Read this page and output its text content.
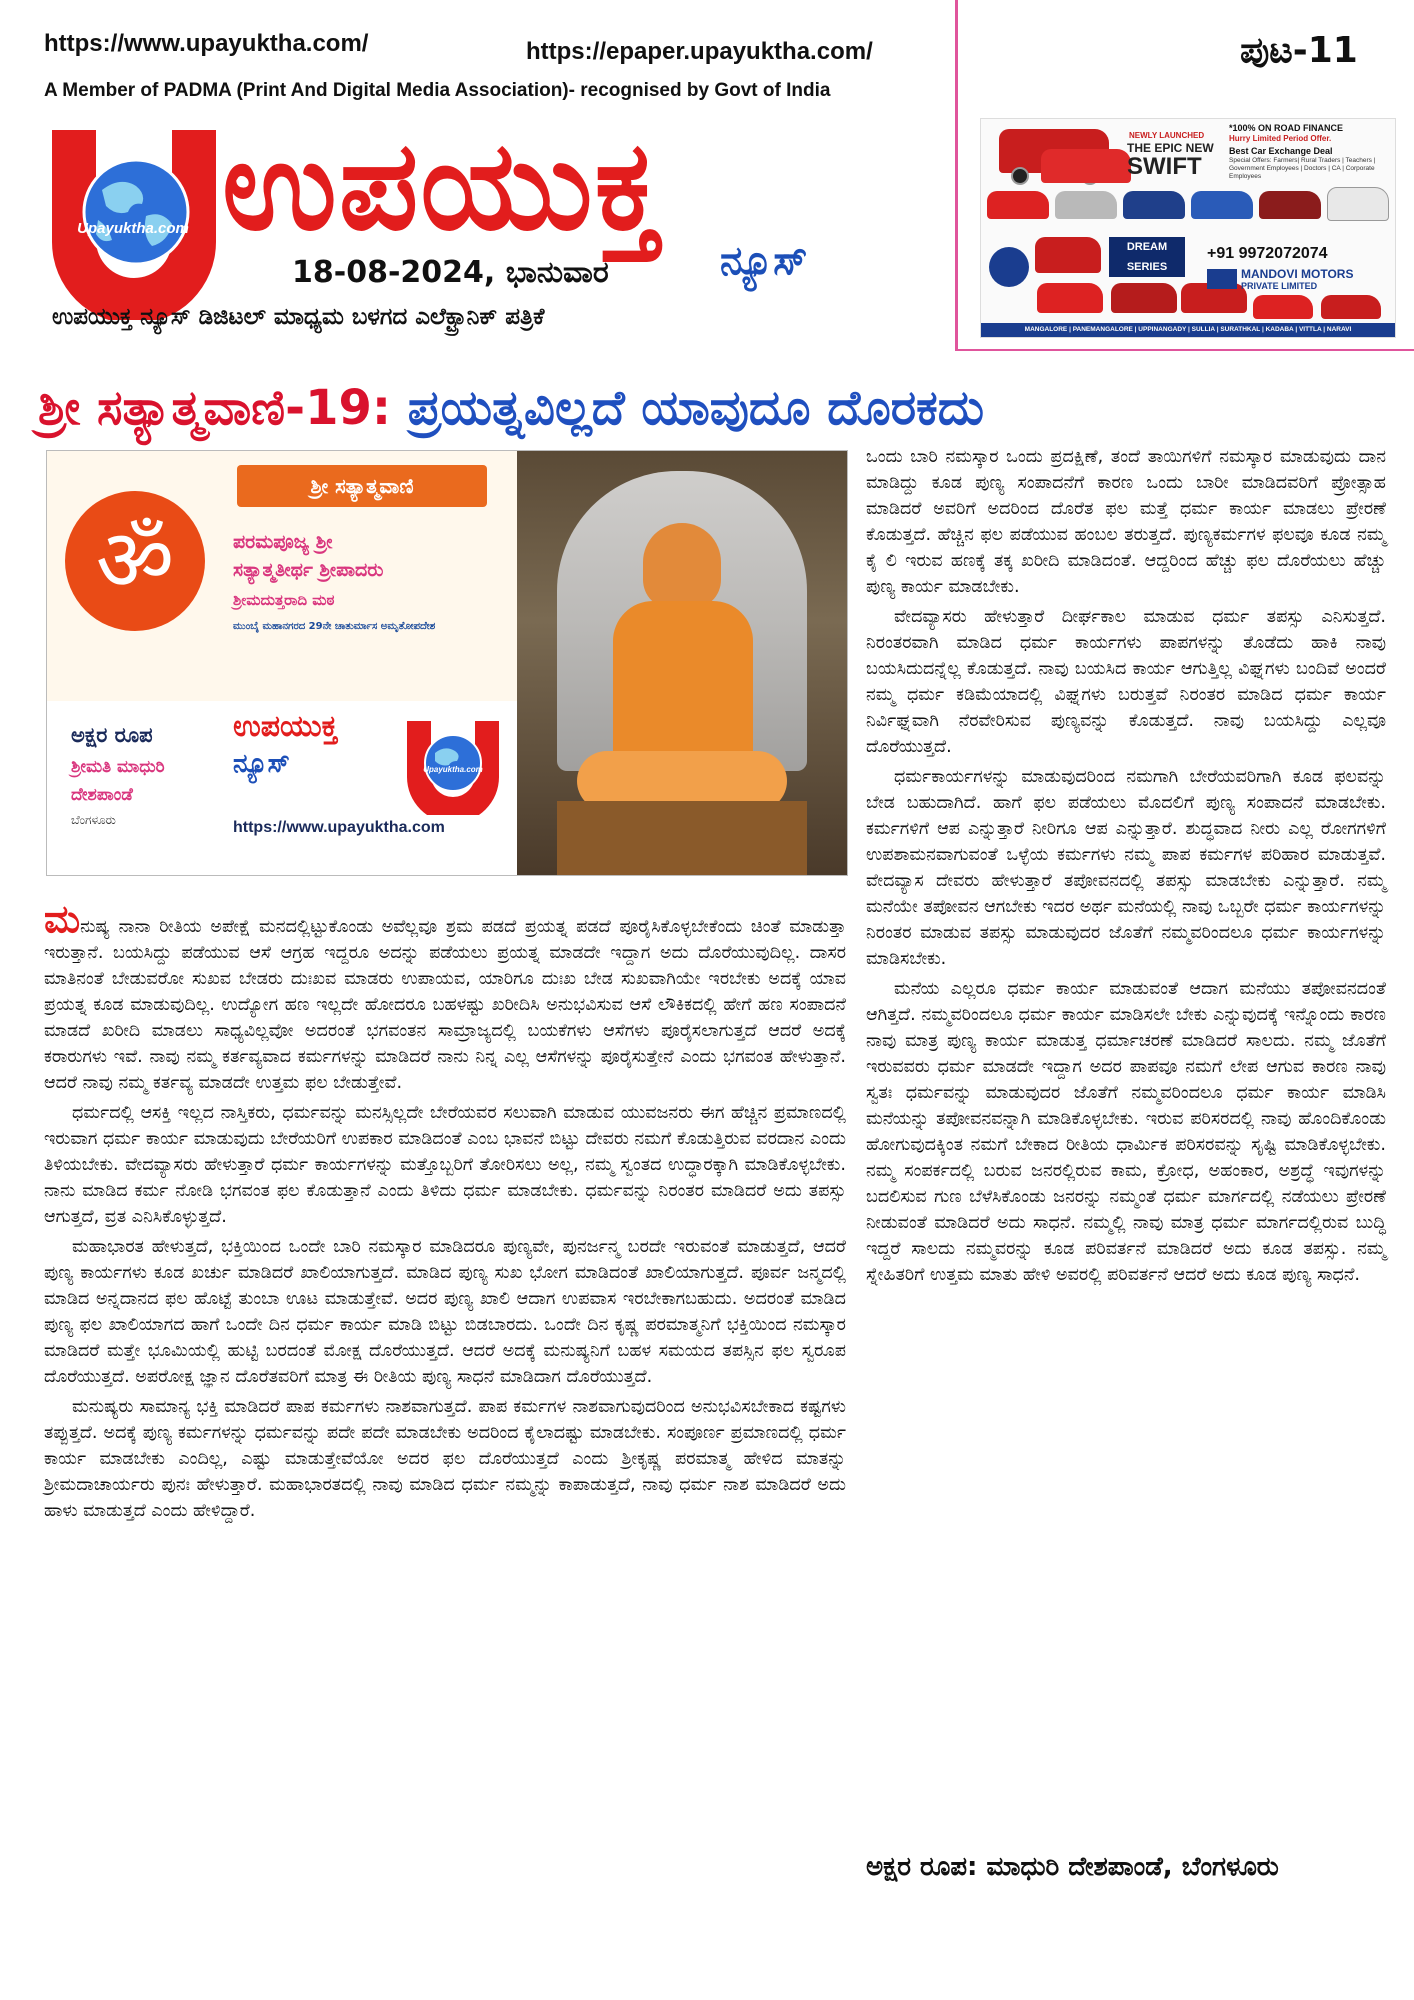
https://www.upayuktha.com/	https://epaper.upayuktha.com/
A Member of PADMA (Print And Digital Media Association)- recognised by Govt of India
ಪುಟ-11
Upayuktha.com ಉಪಯುಕ್ತ
18-08-2024, ಭಾನುವಾರ	ನ್ಯೂಸ್
ಉಪಯುಕ್ತ ನ್ಯೂಸ್ ಡಿಜಿಟಲ್ ಮಾಧ್ಯಮ ಬಳಗದ ಎಲೆಕ್ಟ್ರಾನಿಕ್ ಪತ್ರಿಕೆ
NEWLY LAUNCHED
THE EPIC NEW
SWIFT
*100% ON ROAD FINANCE
Hurry Limited Period Offer.
Best Car Exchange Deal
Special Offers: Farmers| Rural Traders | Teachers | Government Employees | Doctors | CA | Corporate Employees
DREAM SERIES
+91 9972072074
MANDOVI MOTORS
PRIVATE LIMITED
MANGALORE | PANEMANGALORE | UPPINANGADY | SULLIA | SURATHKAL | KADABA | VITTLA | NARAVI
ಶ್ರೀ ಸತ್ಯಾತ್ಮವಾಣಿ-19: ಪ್ರಯತ್ನವಿಲ್ಲದೆ ಯಾವುದೂ ದೊರಕದು
ॐ
ಶ್ರೀ ಸತ್ಯಾತ್ಮವಾಣಿ
ಪರಮಪೂಜ್ಯ ಶ್ರೀ
ಸತ್ಯಾತ್ಮತೀರ್ಥ ಶ್ರೀಪಾದರು
ಶ್ರೀಮದುತ್ತರಾದಿ ಮಠ
ಮುಂಬೈ ಮಹಾನಗರದ 29ನೇ ಚಾತುರ್ಮಾಸ ಅಮೃತೋಪದೇಶ
ಅಕ್ಷರ ರೂಪ
ಶ್ರೀಮತಿ ಮಾಧುರಿ
ದೇಶಪಾಂಡೆ
ಬೆಂಗಳೂರು
ಉಪಯುಕ್ತ
ನ್ಯೂಸ್	Upayuktha.com
https://www.upayuktha.com

ಮನುಷ್ಯ ನಾನಾ ರೀತಿಯ ಅಪೇಕ್ಷೆ ಮನದಲ್ಲಿಟ್ಟುಕೊಂಡು ಅವೆಲ್ಲವೂ ಶ್ರಮ ಪಡದೆ ಪ್ರಯತ್ನ ಪಡದೆ ಪೂರೈಸಿಕೊಳ್ಳಬೇಕೆಂದು ಚಿಂತೆ ಮಾಡುತ್ತಾ ಇರುತ್ತಾನೆ. ಬಯಸಿದ್ದು ಪಡೆಯುವ ಆಸೆ ಆಗ್ರಹ ಇದ್ದರೂ ಅದನ್ನು ಪಡೆಯಲು ಪ್ರಯತ್ನ ಮಾಡದೇ ಇದ್ದಾಗ ಅದು ದೊರೆಯುವುದಿಲ್ಲ. ದಾಸರ ಮಾತಿನಂತೆ ಬೇಡುವರೋ ಸುಖವ ಬೇಡರು ದುಃಖವ ಮಾಡರು ಉಪಾಯವ, ಯಾರಿಗೂ ದುಃಖ ಬೇಡ ಸುಖವಾಗಿಯೇ ಇರಬೇಕು ಅದಕ್ಕೆ ಯಾವ ಪ್ರಯತ್ನ ಕೂಡ ಮಾಡುವುದಿಲ್ಲ. ಉದ್ಯೋಗ ಹಣ ಇಲ್ಲದೇ ಹೋದರೂ ಬಹಳಷ್ಟು ಖರೀದಿಸಿ ಅನುಭವಿಸುವ ಆಸೆ ಲೌಕಿಕದಲ್ಲಿ ಹೇಗೆ ಹಣ ಸಂಪಾದನೆ ಮಾಡದೆ ಖರೀದಿ ಮಾಡಲು ಸಾಧ್ಯವಿಲ್ಲವೋ ಅದರಂತೆ ಭಗವಂತನ ಸಾಮ್ರಾಜ್ಯದಲ್ಲಿ ಬಯಕೆಗಳು ಆಸೆಗಳು ಪೂರೈಸಲಾಗುತ್ತದೆ ಆದರೆ ಅದಕ್ಕೆ ಕರಾರುಗಳು ಇವೆ. ನಾವು ನಮ್ಮ ಕರ್ತವ್ಯವಾದ ಕರ್ಮಗಳನ್ನು ಮಾಡಿದರೆ ನಾನು ನಿನ್ನ ಎಲ್ಲ ಆಸೆಗಳನ್ನು ಪೂರೈಸುತ್ತೇನೆ ಎಂದು ಭಗವಂತ ಹೇಳುತ್ತಾನೆ. ಆದರೆ ನಾವು ನಮ್ಮ ಕರ್ತವ್ಯ ಮಾಡದೇ ಉತ್ತಮ ಫಲ ಬೇಡುತ್ತೇವೆ.

ಧರ್ಮದಲ್ಲಿ ಆಸಕ್ತಿ ಇಲ್ಲದ ನಾಸ್ತಿಕರು, ಧರ್ಮವನ್ನು ಮನಸ್ಸಿಲ್ಲದೇ ಬೇರೆಯವರ ಸಲುವಾಗಿ ಮಾಡುವ ಯುವಜನರು ಈಗ ಹೆಚ್ಚಿನ ಪ್ರಮಾಣದಲ್ಲಿ ಇರುವಾಗ ಧರ್ಮ ಕಾರ್ಯ ಮಾಡುವುದು ಬೇರೆಯರಿಗೆ ಉಪಕಾರ ಮಾಡಿದಂತೆ ಎಂಬ ಭಾವನೆ ಬಿಟ್ಟು ದೇವರು ನಮಗೆ ಕೊಡುತ್ತಿರುವ ವರದಾನ ಎಂದು ತಿಳಿಯಬೇಕು. ವೇದವ್ಯಾಸರು ಹೇಳುತ್ತಾರೆ ಧರ್ಮ ಕಾರ್ಯಗಳನ್ನು ಮತ್ತೊಬ್ಬರಿಗೆ ತೋರಿಸಲು ಅಲ್ಲ, ನಮ್ಮ ಸ್ವಂತದ ಉದ್ಧಾರಕ್ಕಾಗಿ ಮಾಡಿಕೊಳ್ಳಬೇಕು. ನಾನು ಮಾಡಿದ ಕರ್ಮ ನೋಡಿ ಭಗವಂತ ಫಲ ಕೊಡುತ್ತಾನೆ ಎಂದು ತಿಳಿದು ಧರ್ಮ ಮಾಡಬೇಕು. ಧರ್ಮವನ್ನು ನಿರಂತರ ಮಾಡಿದರೆ ಅದು ತಪಸ್ಸು ಆಗುತ್ತದೆ, ವ್ರತ ಎನಿಸಿಕೊಳ್ಳುತ್ತದೆ.

ಮಹಾಭಾರತ ಹೇಳುತ್ತದೆ, ಭಕ್ತಿಯಿಂದ ಒಂದೇ ಬಾರಿ ನಮಸ್ಕಾರ ಮಾಡಿದರೂ ಪುಣ್ಯವೇ, ಪುನರ್ಜನ್ಮ ಬರದೇ ಇರುವಂತೆ ಮಾಡುತ್ತದೆ, ಆದರೆ ಪುಣ್ಯ ಕಾರ್ಯಗಳು ಕೂಡ ಖರ್ಚು ಮಾಡಿದರೆ ಖಾಲಿಯಾಗುತ್ತದೆ. ಮಾಡಿದ ಪುಣ್ಯ ಸುಖ ಭೋಗ ಮಾಡಿದಂತೆ ಖಾಲಿಯಾಗುತ್ತದೆ. ಪೂರ್ವ ಜನ್ಮದಲ್ಲಿ ಮಾಡಿದ ಅನ್ನದಾನದ ಫಲ ಹೊಟ್ಟೆ ತುಂಬಾ ಊಟ ಮಾಡುತ್ತೇವೆ. ಅದರ ಪುಣ್ಯ ಖಾಲಿ ಆದಾಗ ಉಪವಾಸ ಇರಬೇಕಾಗಬಹುದು. ಅದರಂತೆ ಮಾಡಿದ ಪುಣ್ಯ ಫಲ ಖಾಲಿಯಾಗದ ಹಾಗೆ ಒಂದೇ ದಿನ ಧರ್ಮ ಕಾರ್ಯ ಮಾಡಿ ಬಿಟ್ಟು ಬಿಡಬಾರದು. ಒಂದೇ ದಿನ ಕೃಷ್ಣ ಪರಮಾತ್ಮನಿಗೆ ಭಕ್ತಿಯಿಂದ ನಮಸ್ಕಾರ ಮಾಡಿದರೆ ಮತ್ತೇ ಭೂಮಿಯಲ್ಲಿ ಹುಟ್ಟಿ ಬರದಂತೆ ಮೋಕ್ಷ ದೊರೆಯುತ್ತದೆ. ಆದರೆ ಅದಕ್ಕೆ ಮನುಷ್ಯನಿಗೆ ಬಹಳ ಸಮಯದ ತಪಸ್ಸಿನ ಫಲ ಸ್ವರೂಪ ದೊರೆಯುತ್ತದೆ. ಅಪರೋಕ್ಷ ಜ್ಞಾನ ದೊರೆತವರಿಗೆ ಮಾತ್ರ ಈ ರೀತಿಯ ಪುಣ್ಯ ಸಾಧನೆ ಮಾಡಿದಾಗ ದೊರೆಯುತ್ತದೆ.

ಮನುಷ್ಯರು ಸಾಮಾನ್ಯ ಭಕ್ತಿ ಮಾಡಿದರೆ ಪಾಪ ಕರ್ಮಗಳು ನಾಶವಾಗುತ್ತದೆ. ಪಾಪ ಕರ್ಮಗಳ ನಾಶವಾಗುವುದರಿಂದ ಅನುಭವಿಸಬೇಕಾದ ಕಷ್ಟಗಳು ತಪ್ಪುತ್ತದೆ. ಅದಕ್ಕೆ ಪುಣ್ಯ ಕರ್ಮಗಳನ್ನು ಧರ್ಮವನ್ನು ಪದೇ ಪದೇ ಮಾಡಬೇಕು ಅದರಿಂದ ಕೈಲಾದಷ್ಟು ಮಾಡಬೇಕು. ಸಂಪೂರ್ಣ ಪ್ರಮಾಣದಲ್ಲಿ ಧರ್ಮ ಕಾರ್ಯ ಮಾಡಬೇಕು ಎಂದಿಲ್ಲ, ಎಷ್ಟು ಮಾಡುತ್ತೇವೆಯೋ ಅದರ ಫಲ ದೊರೆಯುತ್ತದೆ ಎಂದು ಶ್ರೀಕೃಷ್ಣ ಪರಮಾತ್ಮ ಹೇಳಿದ ಮಾತನ್ನು ಶ್ರೀಮದಾಚಾರ್ಯರು ಪುನಃ ಹೇಳುತ್ತಾರೆ. ಮಹಾಭಾರತದಲ್ಲಿ ನಾವು ಮಾಡಿದ ಧರ್ಮ ನಮ್ಮನ್ನು ಕಾಪಾಡುತ್ತದೆ, ನಾವು ಧರ್ಮ ನಾಶ ಮಾಡಿದರೆ ಅದು ಹಾಳು ಮಾಡುತ್ತದೆ ಎಂದು ಹೇಳಿದ್ದಾರೆ.

ಒಂದು ಬಾರಿ ನಮಸ್ಕಾರ ಒಂದು ಪ್ರದಕ್ಷಿಣೆ, ತಂದೆ ತಾಯಿಗಳಿಗೆ ನಮಸ್ಕಾರ ಮಾಡುವುದು ದಾನ ಮಾಡಿದ್ದು ಕೂಡ ಪುಣ್ಯ ಸಂಪಾದನೆಗೆ ಕಾರಣ ಒಂದು ಬಾರೀ ಮಾಡಿದವರಿಗೆ ಪ್ರೋತ್ಸಾಹ ಮಾಡಿದರೆ ಅವರಿಗೆ ಅದರಿಂದ ದೊರೆತ ಫಲ ಮತ್ತೆ ಧರ್ಮ ಕಾರ್ಯ ಮಾಡಲು ಪ್ರೇರಣೆ ಕೊಡುತ್ತದೆ. ಹೆಚ್ಚಿನ ಫಲ ಪಡೆಯುವ ಹಂಬಲ ತರುತ್ತದೆ. ಪುಣ್ಯಕರ್ಮಗಳ ಫಲವೂ ಕೂಡ ನಮ್ಮ ಕೈ ಲಿ ಇರುವ ಹಣಕ್ಕೆ ತಕ್ಕ ಖರೀದಿ ಮಾಡಿದಂತೆ. ಆದ್ದರಿಂದ ಹೆಚ್ಚು ಫಲ ದೊರೆಯಲು ಹೆಚ್ಚು ಪುಣ್ಯ ಕಾರ್ಯ ಮಾಡಬೇಕು.

ವೇದವ್ಯಾಸರು ಹೇಳುತ್ತಾರೆ ದೀರ್ಘಕಾಲ ಮಾಡುವ ಧರ್ಮ ತಪಸ್ಸು ಎನಿಸುತ್ತದೆ. ನಿರಂತರವಾಗಿ ಮಾಡಿದ ಧರ್ಮ ಕಾರ್ಯಗಳು ಪಾಪಗಳನ್ನು ತೊಡೆದು ಹಾಕಿ ನಾವು ಬಯಸಿದುದನ್ನೆಲ್ಲ ಕೊಡುತ್ತದೆ. ನಾವು ಬಯಸಿದ ಕಾರ್ಯ ಆಗುತ್ತಿಲ್ಲ ವಿಘ್ನಗಳು ಬಂದಿವೆ ಅಂದರೆ ನಮ್ಮ ಧರ್ಮ ಕಡಿಮೆಯಾದಲ್ಲಿ ವಿಘ್ನಗಳು ಬರುತ್ತವೆ ನಿರಂತರ ಮಾಡಿದ ಧರ್ಮ ಕಾರ್ಯ ನಿರ್ವಿಘ್ನವಾಗಿ ನೆರವೇರಿಸುವ ಪುಣ್ಯವನ್ನು ಕೊಡುತ್ತದೆ. ನಾವು ಬಯಸಿದ್ದು ಎಲ್ಲವೂ ದೊರೆಯುತ್ತದೆ.

ಧರ್ಮಕಾರ್ಯಗಳನ್ನು ಮಾಡುವುದರಿಂದ ನಮಗಾಗಿ ಬೇರೆಯವರಿಗಾಗಿ ಕೂಡ ಫಲವನ್ನು ಬೇಡ ಬಹುದಾಗಿದೆ. ಹಾಗೆ ಫಲ ಪಡೆಯಲು ಮೊದಲಿಗೆ ಪುಣ್ಯ ಸಂಪಾದನೆ ಮಾಡಬೇಕು. ಕರ್ಮಗಳಿಗೆ ಆಪ ಎನ್ನುತ್ತಾರೆ ನೀರಿಗೂ ಆಪ ಎನ್ನುತ್ತಾರೆ. ಶುದ್ಧವಾದ ನೀರು ಎಲ್ಲ ರೋಗಗಳಿಗೆ ಉಪಶಾಮನವಾಗುವಂತೆ ಒಳ್ಳೆಯ ಕರ್ಮಗಳು ನಮ್ಮ ಪಾಪ ಕರ್ಮಗಳ ಪರಿಹಾರ ಮಾಡುತ್ತವೆ. ವೇದವ್ಯಾಸ ದೇವರು ಹೇಳುತ್ತಾರೆ ತಪೋವನದಲ್ಲಿ ತಪಸ್ಸು ಮಾಡಬೇಕು ಎನ್ನುತ್ತಾರೆ. ನಮ್ಮ ಮನೆಯೇ ತಪೋವನ ಆಗಬೇಕು ಇದರ ಅರ್ಥ ಮನೆಯಲ್ಲಿ ನಾವು ಒಬ್ಬರೇ ಧರ್ಮ ಕಾರ್ಯಗಳನ್ನು ನಿರಂತರ ಮಾಡುವ ತಪಸ್ಸು ಮಾಡುವುದರ ಜೊತೆಗೆ ನಮ್ಮವರಿಂದಲೂ ಧರ್ಮ ಕಾರ್ಯಗಳನ್ನು ಮಾಡಿಸಬೇಕು.

ಮನೆಯ ಎಲ್ಲರೂ ಧರ್ಮ ಕಾರ್ಯ ಮಾಡುವಂತೆ ಆದಾಗ ಮನೆಯು ತಪೋವನದಂತೆ ಆಗಿತ್ತದೆ. ನಮ್ಮವರಿಂದಲೂ ಧರ್ಮ ಕಾರ್ಯ ಮಾಡಿಸಲೇ ಬೇಕು ಎನ್ನುವುದಕ್ಕೆ ಇನ್ನೊಂದು ಕಾರಣ ನಾವು ಮಾತ್ರ ಪುಣ್ಯ ಕಾರ್ಯ ಮಾಡುತ್ತ ಧರ್ಮಾಚರಣೆ ಮಾಡಿದರೆ ಸಾಲದು. ನಮ್ಮ ಜೊತೆಗೆ ಇರುವವರು ಧರ್ಮ ಮಾಡದೇ ಇದ್ದಾಗ ಅದರ ಪಾಪವೂ ನಮಗೆ ಲೇಪ ಆಗುವ ಕಾರಣ ನಾವು ಸ್ವತಃ ಧರ್ಮವನ್ನು ಮಾಡುವುದರ ಜೊತೆಗೆ ನಮ್ಮವರಿಂದಲೂ ಧರ್ಮ ಕಾರ್ಯ ಮಾಡಿಸಿ ಮನೆಯನ್ನು ತಪೋವನವನ್ನಾಗಿ ಮಾಡಿಕೊಳ್ಳಬೇಕು. ಇರುವ ಪರಿಸರದಲ್ಲಿ ನಾವು ಹೊಂದಿಕೊಂಡು ಹೋಗುವುದಕ್ಕಿಂತ ನಮಗೆ ಬೇಕಾದ ರೀತಿಯ ಧಾರ್ಮಿಕ ಪರಿಸರವನ್ನು ಸೃಷ್ಟಿ ಮಾಡಿಕೊಳ್ಳಬೇಕು. ನಮ್ಮ ಸಂಪರ್ಕದಲ್ಲಿ ಬರುವ ಜನರಲ್ಲಿರುವ ಕಾಮ, ಕ್ರೋಧ, ಅಹಂಕಾರ, ಅಶ್ರದ್ಧೆ ಇವುಗಳನ್ನು ಬದಲಿಸುವ ಗುಣ ಬೆಳೆಸಿಕೊಂಡು ಜನರನ್ನು ನಮ್ಮಂತೆ ಧರ್ಮ ಮಾರ್ಗದಲ್ಲಿ ನಡೆಯಲು ಪ್ರೇರಣೆ ನೀಡುವಂತೆ ಮಾಡಿದರೆ ಅದು ಸಾಧನೆ. ನಮ್ಮಲ್ಲಿ ನಾವು ಮಾತ್ರ ಧರ್ಮ ಮಾರ್ಗದಲ್ಲಿರುವ ಬುದ್ಧಿ ಇದ್ದರೆ ಸಾಲದು ನಮ್ಮವರನ್ನು ಕೂಡ ಪರಿವರ್ತನೆ ಮಾಡಿದರೆ ಅದು ಕೂಡ ತಪಸ್ಸು. ನಮ್ಮ ಸ್ನೇಹಿತರಿಗೆ ಉತ್ತಮ ಮಾತು ಹೇಳಿ ಅವರಲ್ಲಿ ಪರಿವರ್ತನೆ ಆದರೆ ಅದು ಕೂಡ ಪುಣ್ಯ ಸಾಧನೆ.

ಅಕ್ಷರ ರೂಪ: ಮಾಧುರಿ ದೇಶಪಾಂಡೆ, ಬೆಂಗಳೂರು
